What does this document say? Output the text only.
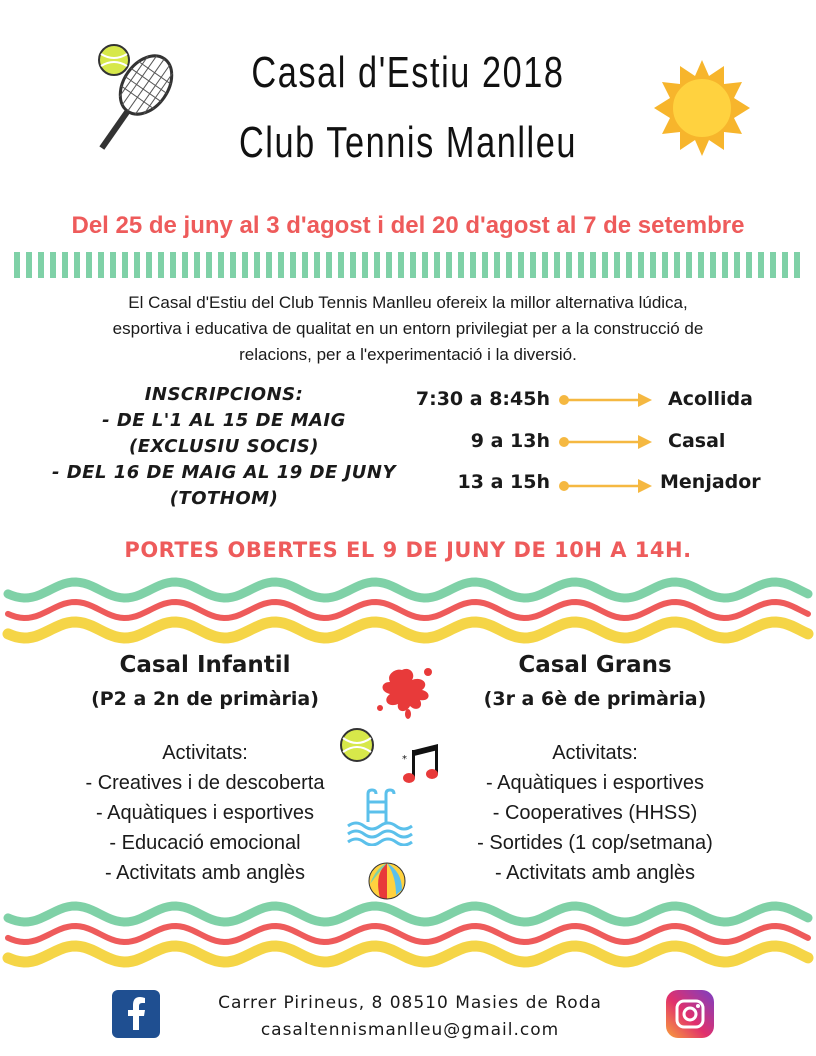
Casal d'Estiu 2018
Club Tennis Manlleu
Del 25 de juny al 3 d'agost i del 20 d'agost al 7 de setembre
El Casal d'Estiu del Club Tennis Manlleu ofereix la millor alternativa lúdica,
esportiva i educativa de qualitat en un entorn privilegiat per a la construcció de
relacions, per a l'experimentació i la diversió.
INSCRIPCIONS:
- DE L'1 AL 15 DE MAIG
(EXCLUSIU SOCIS)
- DEL 16 DE MAIG AL 19 DE JUNY
(TOTHOM)
7:30 a 8:45h
9 a 13h
13 a 15h
Acollida
Casal
Menjador
PORTES OBERTES EL 9 DE JUNY DE 10H A 14H.
Casal Infantil
(P2 a 2n de primària)
Activitats:
- Creatives i de descoberta
- Aquàtiques i esportives
- Educació emocional
- Activitats amb anglès
Casal Grans
(3r a 6è de primària)
Activitats:
- Aquàtiques i esportives
- Cooperatives (HHSS)
- Sortides (1 cop/setmana)
- Activitats amb anglès
*
Carrer Pirineus, 8 08510 Masies de Roda
casaltennismanlleu@gmail.com
